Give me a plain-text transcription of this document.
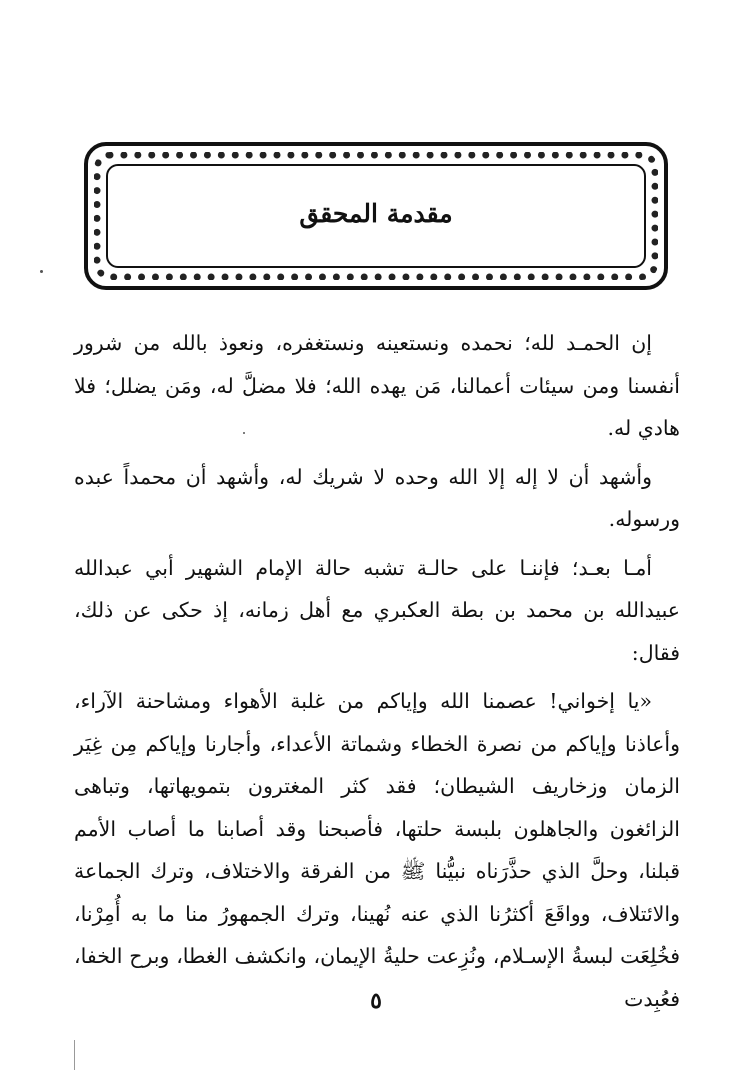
مقدمة المحقق

إن الحمـد لله؛ نحمده ونستعينه ونستغفره، ونعوذ بالله من شرور أنفسنا ومن سيئات أعمالنا، مَن يهده الله؛ فلا مضلَّ له، ومَن يضلل؛ فلا هادي له.

وأشهد أن لا إله إلا الله وحده لا شريك له، وأشهد أن محمداً عبده ورسوله.

أمـا بعـد؛ فإننـا على حالـة تشبه حالة الإمام الشهير أبي عبدالله عبيدالله بن محمد بن بطة العكبري مع أهل زمانه، إذ حكى عن ذلك، فقال:

«يا إخواني! عصمنا الله وإياكم من غلبة الأهواء ومشاحنة الآراء، وأعاذنا وإياكم من نصرة الخطاء وشماتة الأعداء، وأجارنا وإياكم مِن غِيَر الزمان وزخاريف الشيطان؛ فقد كثر المغترون بتمويهاتها، وتباهى الزائغون والجاهلون بلبسة حلتها، فأصبحنا وقد أصابنا ما أصاب الأمم قبلنا، وحلَّ الذي حذَّرَناه نبيُّنا ﷺ من الفرقة والاختلاف، وترك الجماعة والائتلاف، وواقَعَ أكثرُنا الذي عنه نُهينا، وترك الجمهورُ منا ما به أُمِرْنا، فخُلِعَت لبسةُ الإسـلام، ونُزِعت حليةُ الإيمان، وانكشف الغطا، وبرح الخفا، فعُبِدت

٥
